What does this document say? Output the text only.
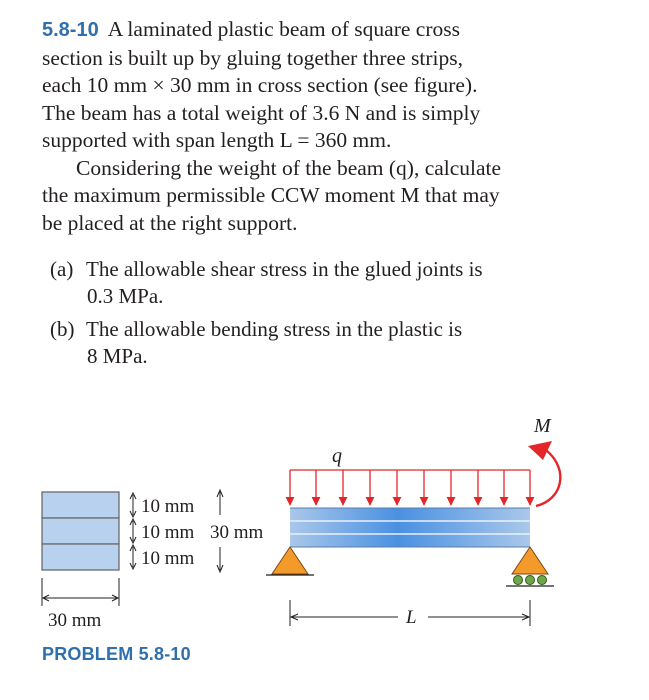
5.8-10 A laminated plastic beam of square cross
section is built up by gluing together three strips,
each 10 mm × 30 mm in cross section (see figure).
The beam has a total weight of 3.6 N and is simply
supported with span length L = 360 mm.
Considering the weight of the beam (q), calculate
the maximum permissible CCW moment M that may
be placed at the right support.
(a) The allowable shear stress in the glued joints is
0.3 MPa.
(b) The allowable bending stress in the plastic is
8 MPa.
10 mm
10 mm
10 mm
30 mm
30 mm
q
M
L
PROBLEM 5.8-10
